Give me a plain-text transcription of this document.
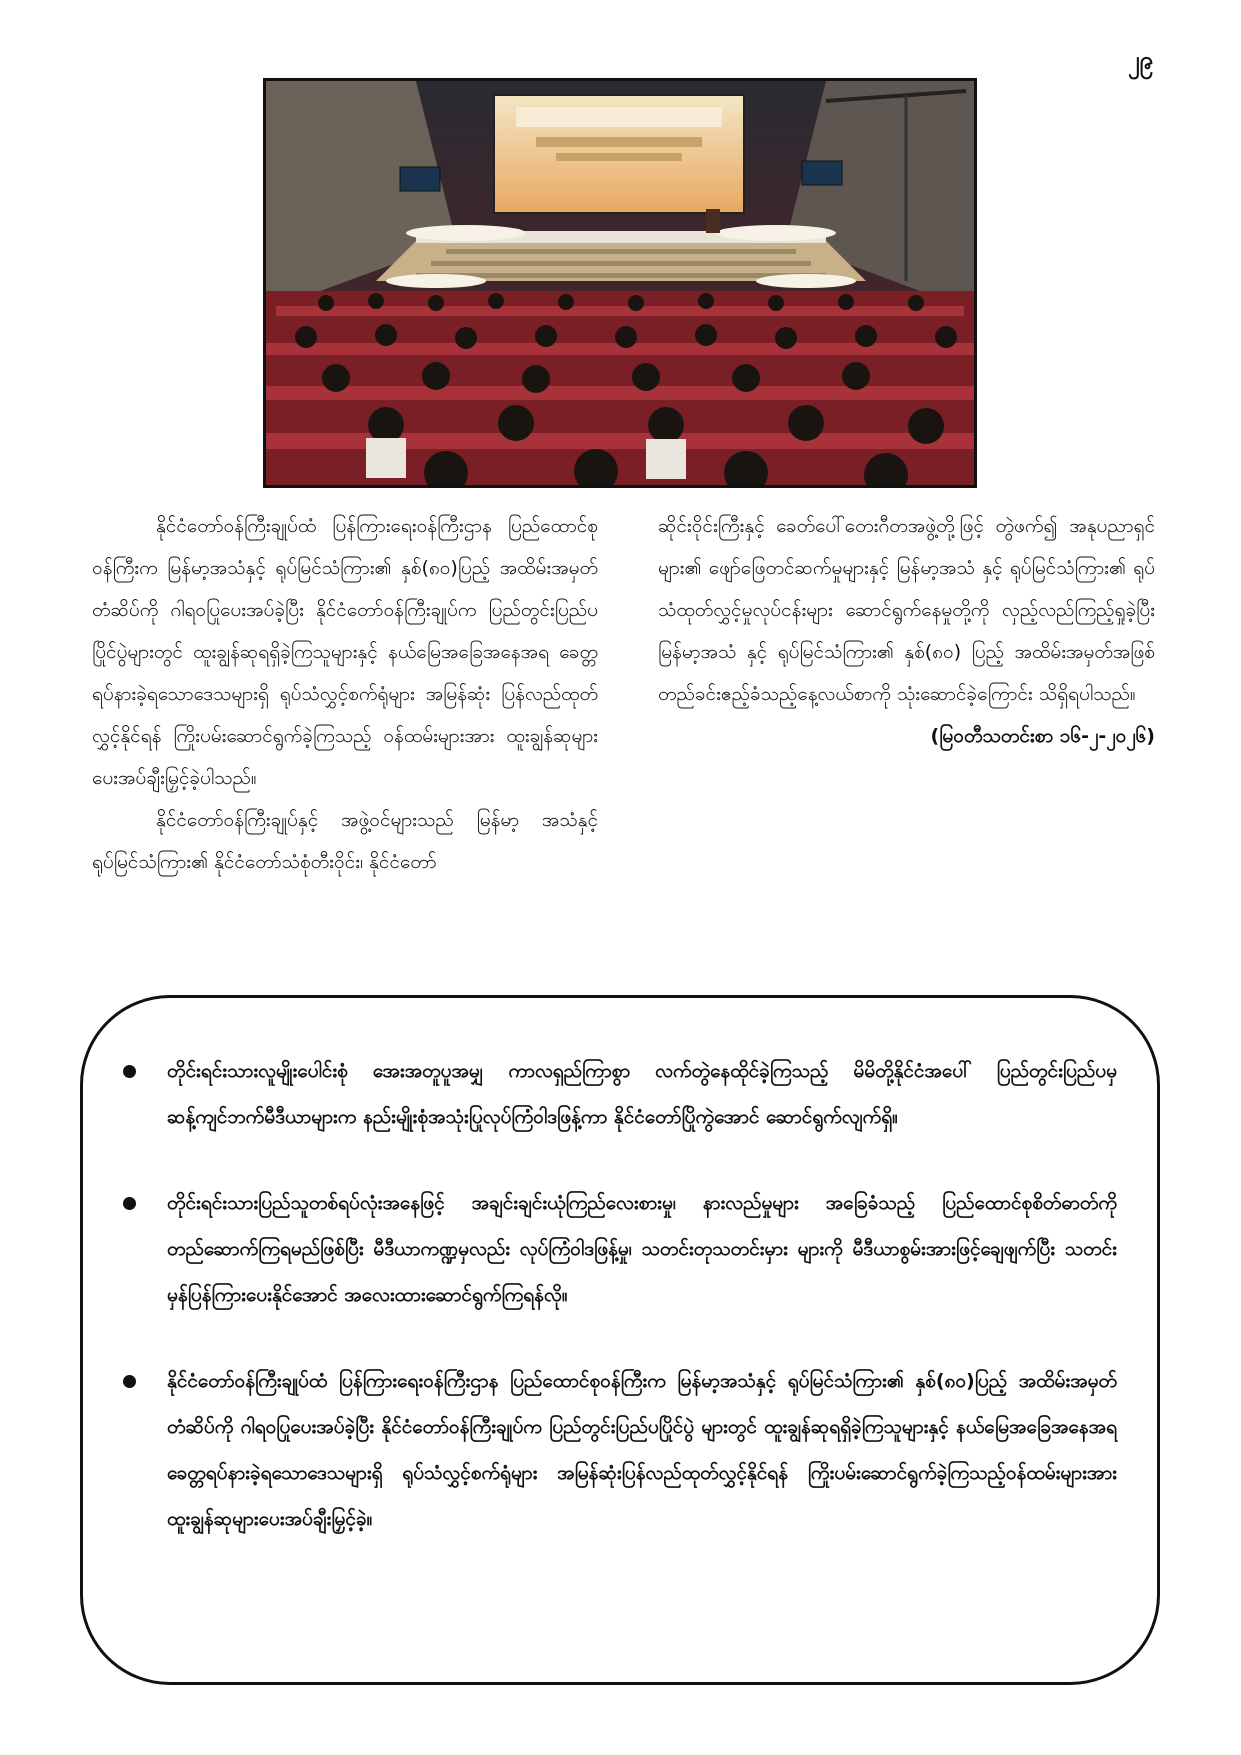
၂၉

နိုင်ငံတော်ဝန်ကြီးချုပ်ထံ ပြန်ကြားရေးဝန်ကြီးဌာန ပြည်ထောင်စုဝန်ကြီးက မြန်မာ့အသံနှင့် ရုပ်မြင်သံကြား၏ နှစ်(၈၀)ပြည့် အထိမ်းအမှတ်တံဆိပ်ကို ဂါရဝပြုပေးအပ်ခဲ့ပြီး နိုင်ငံတော်ဝန်ကြီးချုပ်က ပြည်တွင်းပြည်ပပြိုင်ပွဲများတွင် ထူးချွန်ဆုရရှိခဲ့ကြသူများနှင့် နယ်မြေအခြေအနေအရ ခေတ္တရပ်နားခဲ့ရသောဒေသများရှိ ရုပ်သံလွှင့်စက်ရုံများ အမြန်ဆုံး ပြန်လည်ထုတ်လွှင့်နိုင်ရန် ကြိုးပမ်းဆောင်ရွက်ခဲ့ကြသည့် ဝန်ထမ်းများအား ထူးချွန်ဆုများပေးအပ်ချီးမြှင့်ခဲ့ပါသည်။

နိုင်ငံတော်ဝန်ကြီးချုပ်နှင့် အဖွဲ့ဝင်များသည် မြန်မာ့ အသံနှင့် ရုပ်မြင်သံကြား၏ နိုင်ငံတော်သံစုံတီးဝိုင်း၊ နိုင်ငံတော်

ဆိုင်းဝိုင်းကြီးနှင့် ခေတ်ပေါ်တေးဂီတအဖွဲ့တို့ဖြင့် တွဲဖက်၍ အနုပညာရှင်များ၏ ဖျော်ဖြေတင်ဆက်မှုများနှင့် မြန်မာ့အသံ နှင့် ရုပ်မြင်သံကြား၏ ရုပ်သံထုတ်လွှင့်မှုလုပ်ငန်းများ ဆောင်ရွက်နေမှုတို့ကို လှည့်လည်ကြည့်ရှုခဲ့ပြီး မြန်မာ့အသံ နှင့် ရုပ်မြင်သံကြား၏ နှစ်(၈၀) ပြည့် အထိမ်းအမှတ်အဖြစ် တည်ခင်းဧည့်ခံသည့်နေ့လယ်စာကို သုံးဆောင်ခဲ့ကြောင်း သိရှိရပါသည်။

(မြဝတီသတင်းစာ ၁၆-၂-၂၀၂၆)

တိုင်းရင်းသားလူမျိုးပေါင်းစုံ အေးအတူပူအမျှ ကာလရှည်ကြာစွာ လက်တွဲနေထိုင်ခဲ့ကြသည့် မိမိတို့နိုင်ငံအပေါ် ပြည်တွင်းပြည်ပမှ ဆန့်ကျင်ဘက်မီဒီယာများက နည်းမျိုးစုံအသုံးပြုလုပ်ကြံဝါဒဖြန့်ကာ နိုင်ငံတော်ပြိုကွဲအောင် ဆောင်ရွက်လျက်ရှိ။
တိုင်းရင်းသားပြည်သူတစ်ရပ်လုံးအနေဖြင့် အချင်းချင်းယုံကြည်လေးစားမှု၊ နားလည်မှုများ အခြေခံသည့် ပြည်ထောင်စုစိတ်ဓာတ်ကိုတည်ဆောက်ကြရမည်ဖြစ်ပြီး မီဒီယာကဏ္ဍမှလည်း လုပ်ကြံဝါဒဖြန့်မှု၊ သတင်းတုသတင်းမှား များကို မီဒီယာစွမ်းအားဖြင့်ချေဖျက်ပြီး သတင်းမှန်ပြန်ကြားပေးနိုင်အောင် အလေးထားဆောင်ရွက်ကြရန်လို။
နိုင်ငံတော်ဝန်ကြီးချုပ်ထံ ပြန်ကြားရေးဝန်ကြီးဌာန ပြည်ထောင်စုဝန်ကြီးက မြန်မာ့အသံနှင့် ရုပ်မြင်သံကြား၏ နှစ်(၈၀)ပြည့် အထိမ်းအမှတ်တံဆိပ်ကို ဂါရဝပြုပေးအပ်ခဲ့ပြီး နိုင်ငံတော်ဝန်ကြီးချုပ်က ပြည်တွင်းပြည်ပပြိုင်ပွဲ များတွင် ထူးချွန်ဆုရရှိခဲ့ကြသူများနှင့် နယ်မြေအခြေအနေအရ ခေတ္တရပ်နားခဲ့ရသောဒေသများရှိ ရုပ်သံလွှင့်စက်ရုံများ အမြန်ဆုံးပြန်လည်ထုတ်လွှင့်နိုင်ရန် ကြိုးပမ်းဆောင်ရွက်ခဲ့ကြသည့်ဝန်ထမ်းများအား ထူးချွန်ဆုများပေးအပ်ချီးမြှင့်ခဲ့။
